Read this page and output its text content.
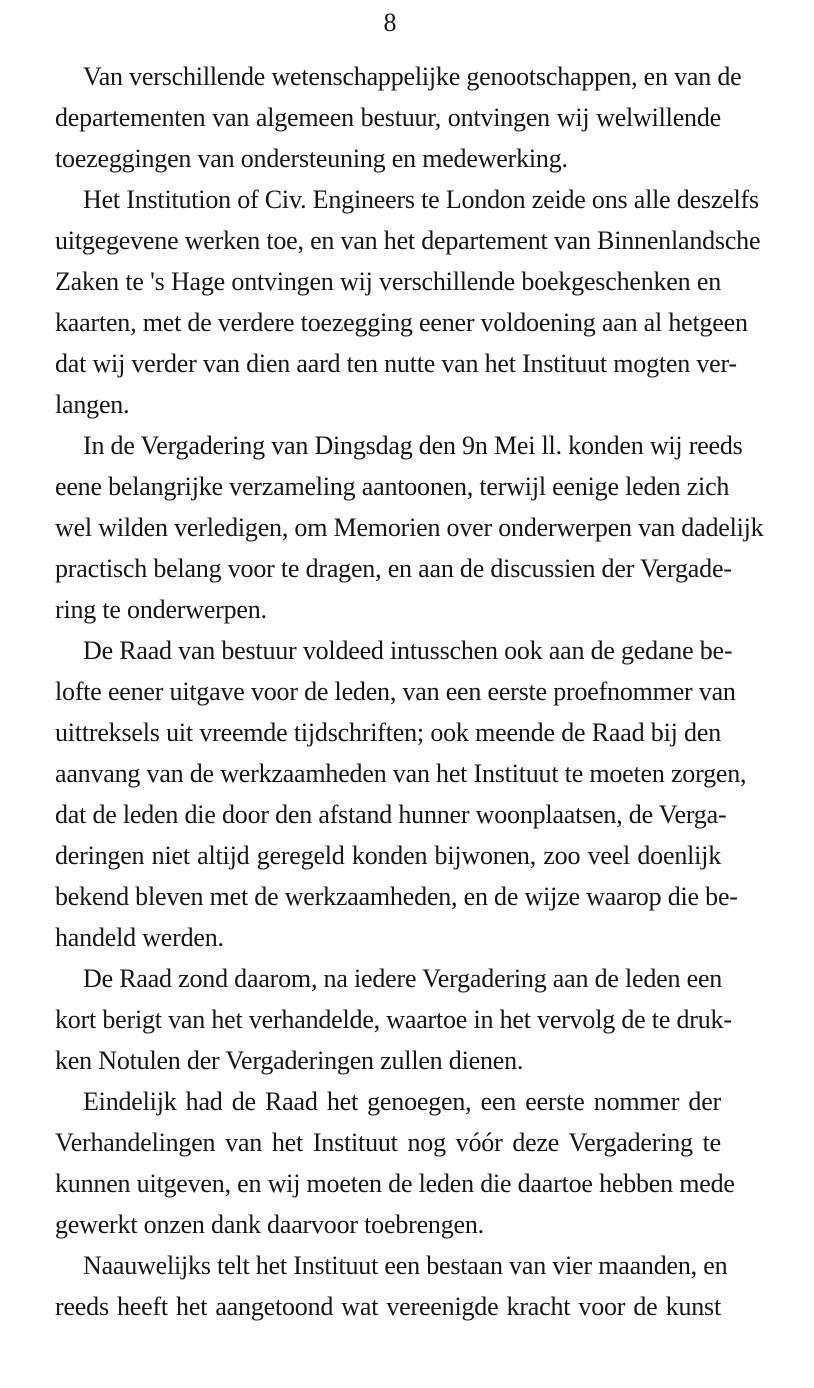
8
Van verschillende wetenschappelijke genootschappen, en van de
departementen van algemeen bestuur, ontvingen wij welwillende
toezeggingen van ondersteuning en medewerking.
Het Institution of Civ. Engineers te London zeide ons alle deszelfs
uitgegevene werken toe, en van het departement van Binnenlandsche
Zaken te 's Hage ontvingen wij verschillende boekgeschenken en
kaarten, met de verdere toezegging eener voldoening aan al hetgeen
dat wij verder van dien aard ten nutte van het Instituut mogten ver-
langen.
In de Vergadering van Dingsdag den 9n Mei ll. konden wij reeds
eene belangrijke verzameling aantoonen, terwijl eenige leden zich
wel wilden verledigen, om Memorien over onderwerpen van dadelijk
practisch belang voor te dragen, en aan de discussien der Vergade-
ring te onderwerpen.
De Raad van bestuur voldeed intusschen ook aan de gedane be-
lofte eener uitgave voor de leden, van een eerste proefnommer van
uittreksels uit vreemde tijdschriften; ook meende de Raad bij den
aanvang van de werkzaamheden van het Instituut te moeten zorgen,
dat de leden die door den afstand hunner woonplaatsen, de Verga-
deringen niet altijd geregeld konden bijwonen, zoo veel doenlijk
bekend bleven met de werkzaamheden, en de wijze waarop die be-
handeld werden.
De Raad zond daarom, na iedere Vergadering aan de leden een
kort berigt van het verhandelde, waartoe in het vervolg de te druk-
ken Notulen der Vergaderingen zullen dienen.
Eindelijk had de Raad het genoegen, een eerste nommer der
Verhandelingen van het Instituut nog vóór deze Vergadering te
kunnen uitgeven, en wij moeten de leden die daartoe hebben mede
gewerkt onzen dank daarvoor toebrengen.
Naauwelijks telt het Instituut een bestaan van vier maanden, en
reeds heeft het aangetoond wat vereenigde kracht voor de kunst
